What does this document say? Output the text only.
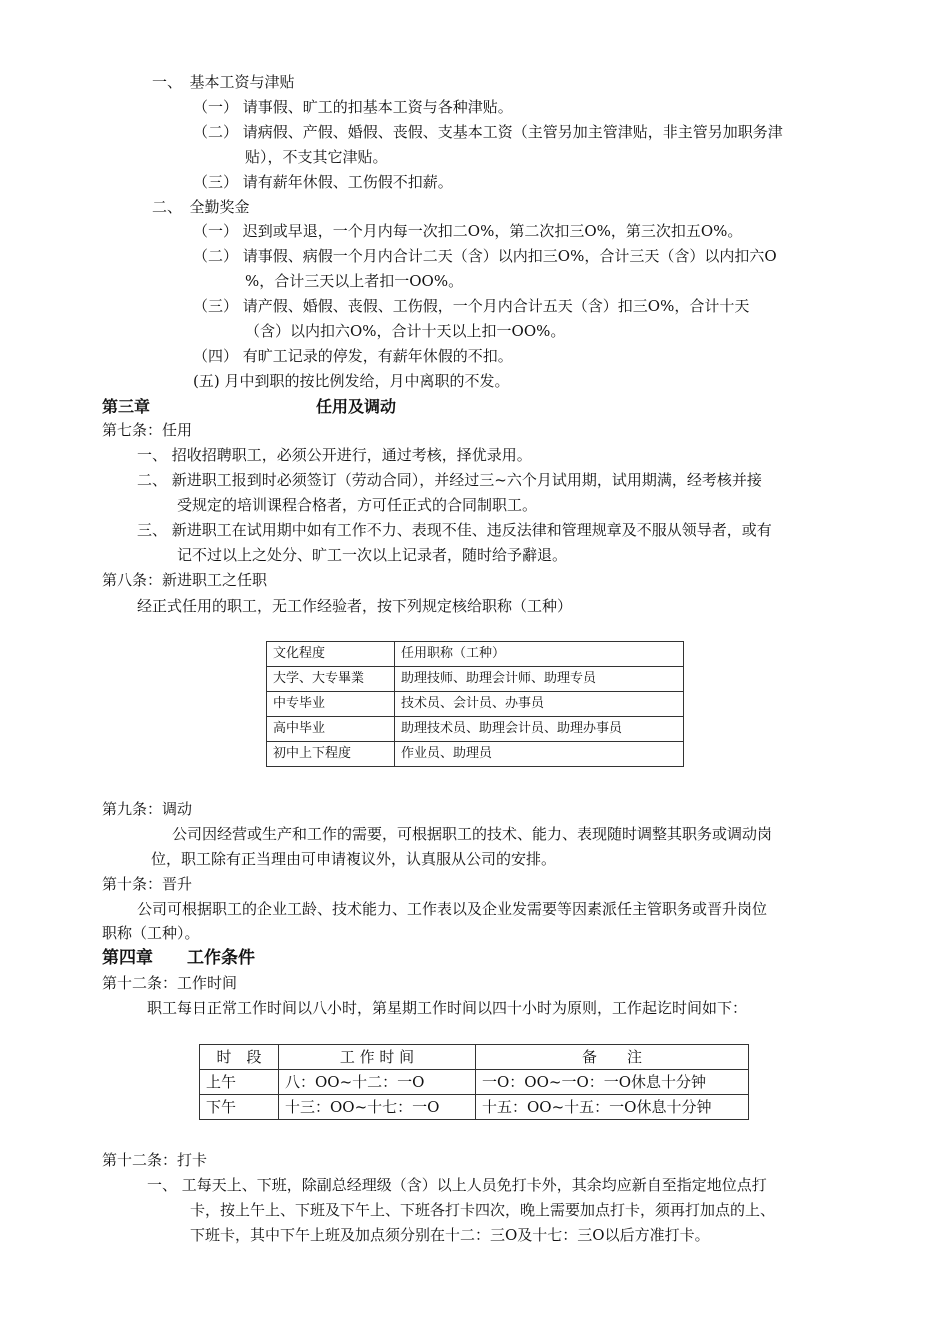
一、　基本工资与津贴
（一） 请事假、旷工的扣基本工资与各种津贴。
（二） 请病假、产假、婚假、丧假、支基本工资（主管另加主管津贴，非主管另加职务津
贴），不支其它津贴。
（三） 请有薪年休假、工伤假不扣薪。
二、　全勤奖金
（一） 迟到或早退，一个月内每一次扣二O%，第二次扣三O%，第三次扣五O%。
（二） 请事假、病假一个月内合计二天（含）以内扣三O%，合计三天（含）以内扣六O
%，合计三天以上者扣一OO%。
（三） 请产假、婚假、丧假、工伤假，一个月内合计五天（含）扣三O%，合计十天
（含）以内扣六O%，合计十天以上扣一OO%。
（四） 有旷工记录的停发，有薪年休假的不扣。
(五) 月中到职的按比例发给，月中离职的不发。
第三章	任用及调动
第七条：任用
一、 招收招聘职工，必须公开进行，通过考核，择优录用。
二、 新进职工报到时必须签订（劳动合同），并经过三~六个月试用期，试用期满，经考核并接
受规定的培训课程合格者，方可任正式的合同制职工。
三、 新进职工在试用期中如有工作不力、表现不佳、违反法律和管理规章及不服从领导者，或有
记不过以上之处分、旷工一次以上记录者，随时给予辭退。
第八条：新进职工之任职
经正式任用的职工，无工作经验者，按下列规定核给职称（工种）
文化程度	任用职称（工种）
大学、大专畢業	助理技师、助理会计师、助理专员
中专毕业	技术员、会计员、办事员
高中毕业	助理技术员、助理会计员、助理办事员
初中上下程度	作业员、助理员
第九条：调动
公司因经营或生产和工作的需要，可根据职工的技术、能力、表现随时调整其职务或调动岗
位，职工除有正当理由可申请複议外，认真服从公司的安排。
第十条：晋升
公司可根据职工的企业工龄、技术能力、工作表以及企业发需要等因素派任主管职务或晋升岗位
职称（工种）。
第四章 工作条件
第十二条：工作时间
职工每日正常工作时间以八小时，第星期工作时间以四十小时为原则，工作起讫时间如下：
时　段	工 作 时 间	备　　注
上午	八：OO~十二：一O	一O：OO~一O：一O休息十分钟
下午	十三：OO~十七：一O	十五：OO~十五：一O休息十分钟
第十二条：打卡
一、 工每天上、下班，除副总经理级（含）以上人员免打卡外，其余均应新自至指定地位点打
卡，按上午上、下班及下午上、下班各打卡四次，晚上需要加点打卡，须再打加点的上、
下班卡，其中下午上班及加点须分别在十二：三O及十七：三O以后方准打卡。
